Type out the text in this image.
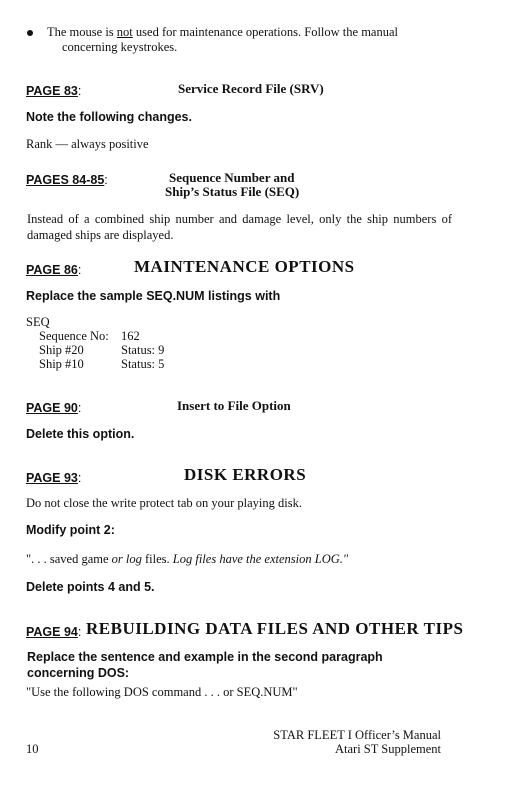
The mouse is not used for maintenance operations. Follow the manual
concerning keystrokes.
PAGE 83:	Service Record File (SRV)
Note the following changes.
Rank — always positive
PAGES 84-85:	Sequence Number and
Ship’s Status File (SEQ)
Instead of a combined ship number and damage level, only the ship numbers of damaged ships are displayed.
PAGE 86:	MAINTENANCE OPTIONS
Replace the sample SEQ.NUM listings with
SEQ
Sequence No: 162
Ship #20	Status: 9
Ship #10	Status: 5
PAGE 90:	Insert to File Option
Delete this option.
PAGE 93:	DISK ERRORS
Do not close the write protect tab on your playing disk.
Modify point 2:
". . . saved game or log files. Log files have the extension LOG."
Delete points 4 and 5.
PAGE 94: REBUILDING DATA FILES AND OTHER TIPS
Replace the sentence and example in the second paragraph concerning DOS:
"Use the following DOS command . . . or SEQ.NUM"
10
STAR FLEET I Officer’s Manual
Atari ST Supplement
